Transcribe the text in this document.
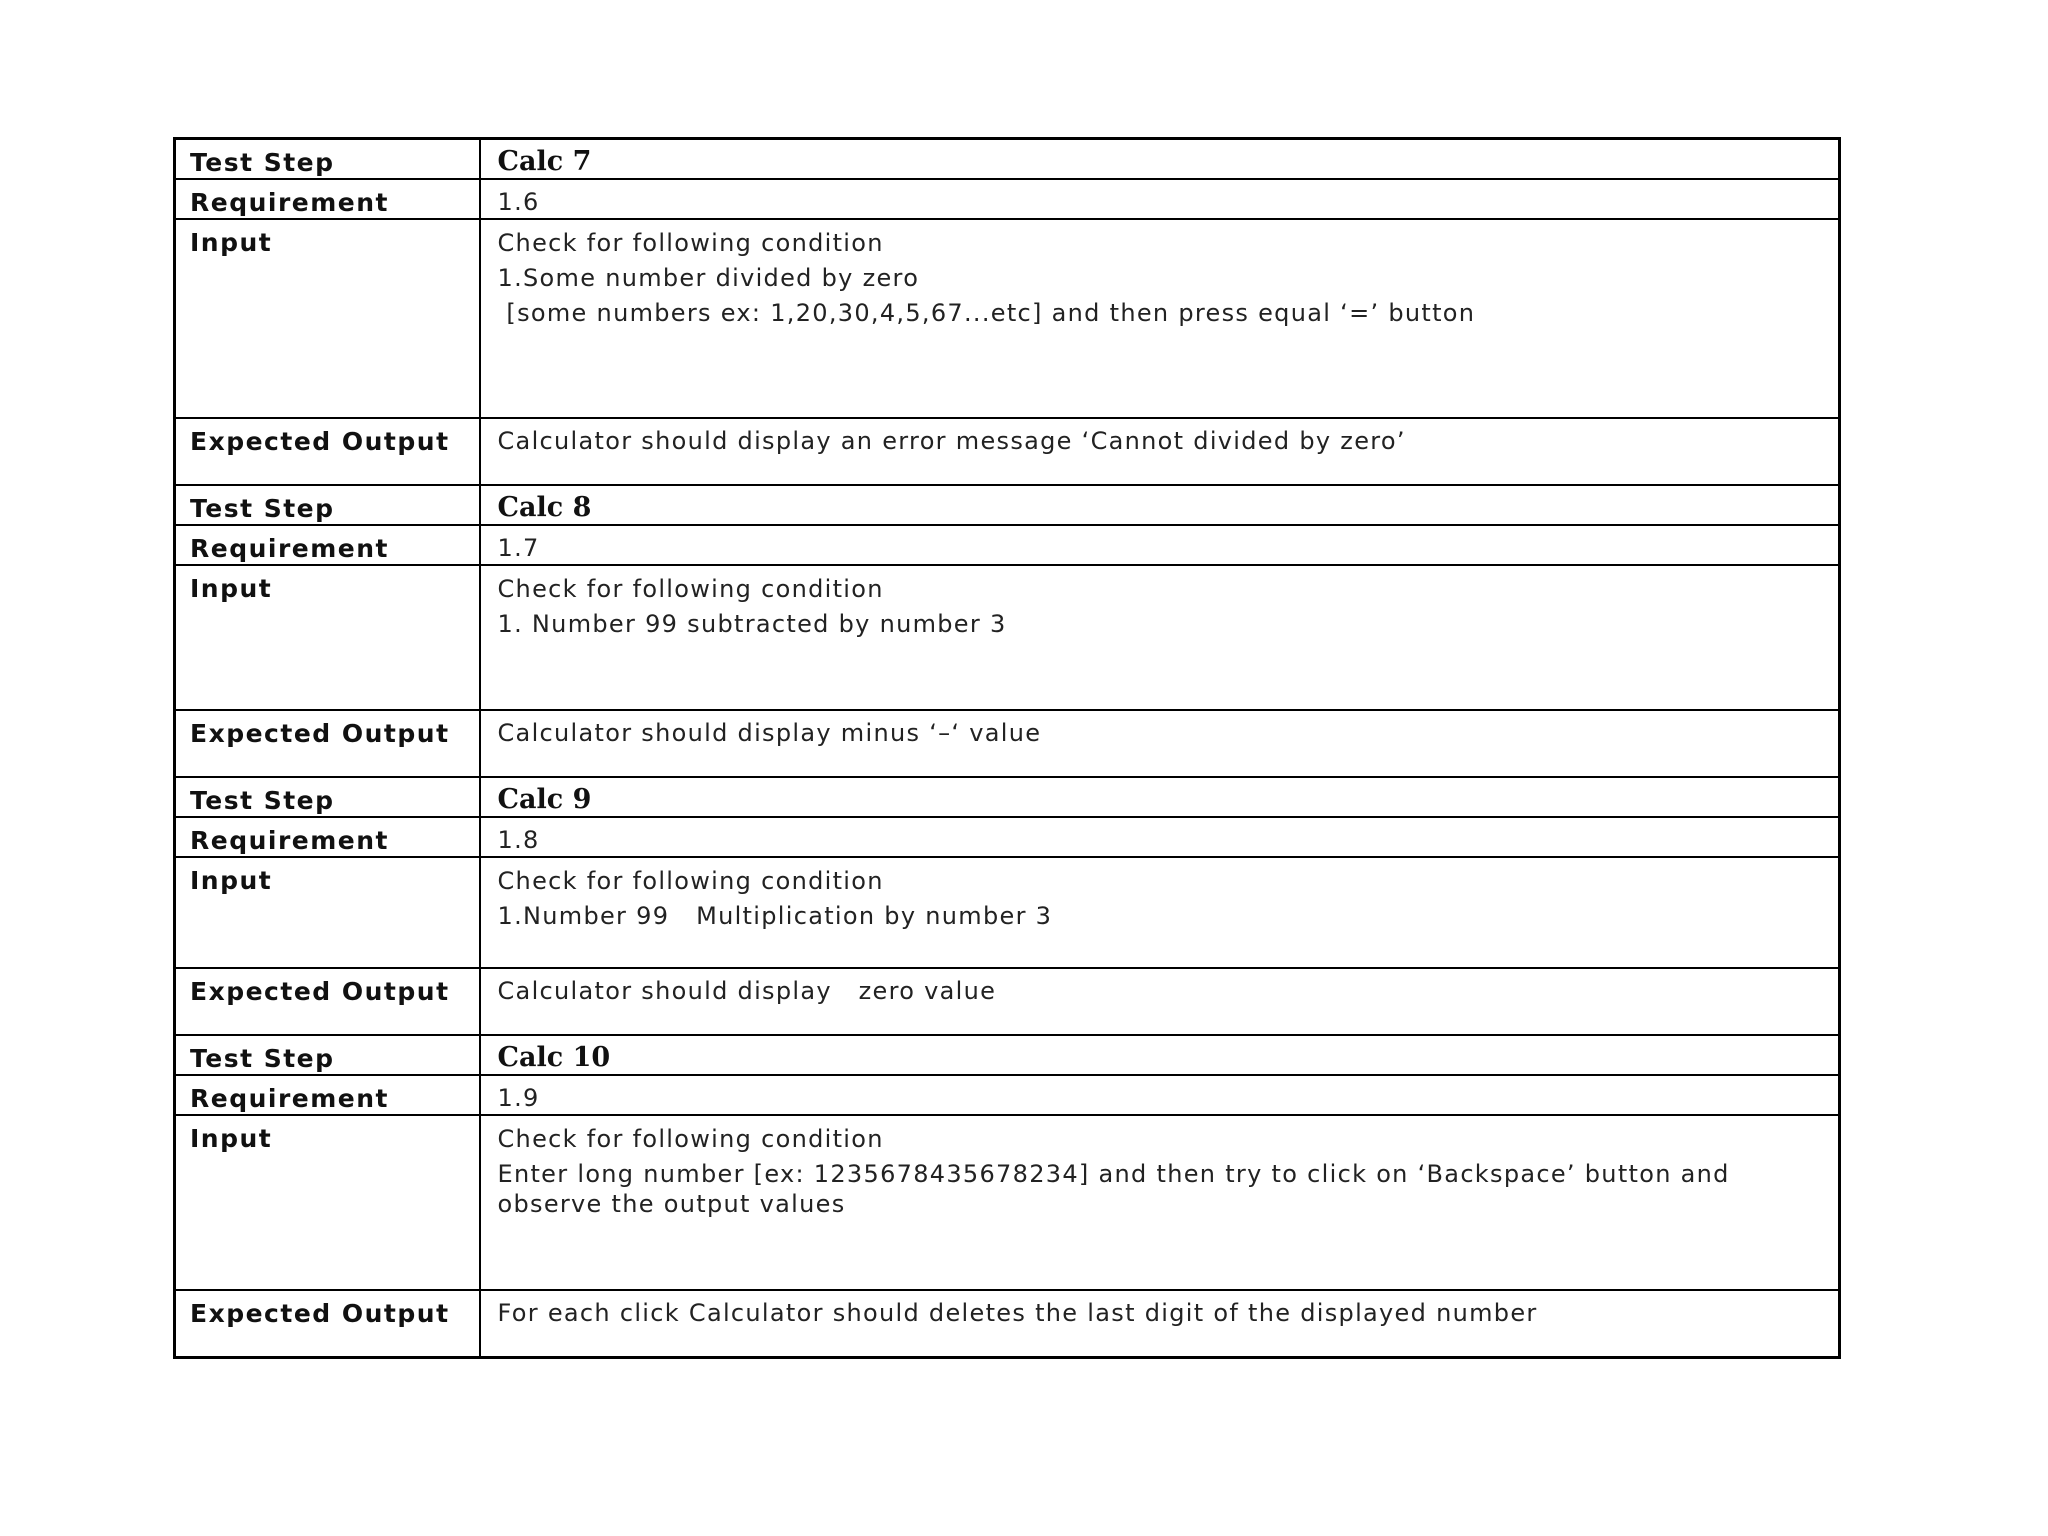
Test Step	Calc 7

Requirement	1.6

Input	Check for following condition
1.Some number divided by zero
[some numbers ex: 1,20,30,4,5,67...etc] and then press equal ‘=’ button

Expected Output	Calculator should display an error message ‘Cannot divided by zero’

Test Step	Calc 8

Requirement	1.7

Input	Check for following condition
1. Number 99 subtracted by number 3

Expected Output	Calculator should display minus ‘–‘ value

Test Step	Calc 9

Requirement	1.8

Input	Check for following condition
1.Number 99   Multiplication by number 3

Expected Output	Calculator should display   zero value

Test Step	Calc 10

Requirement	1.9

Input	Check for following condition
Enter long number [ex: 1235678435678234] and then try to click on ‘Backspace’ button and observe the output values

Expected Output	For each click Calculator should deletes the last digit of the displayed number
